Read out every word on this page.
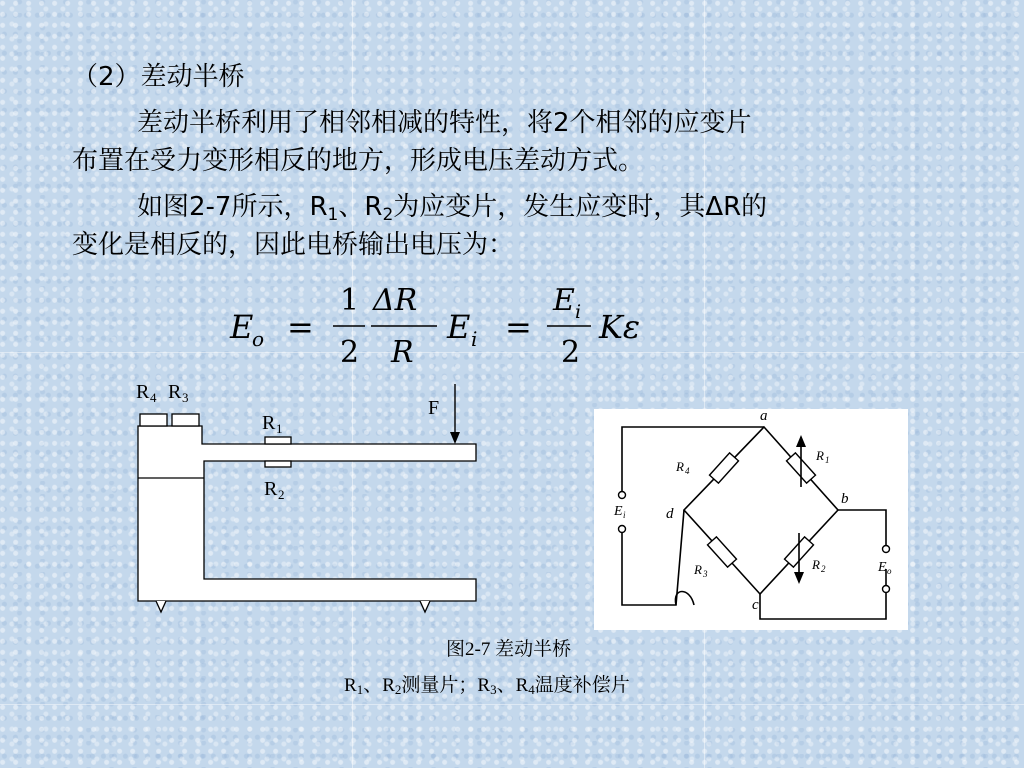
（2）差动半桥
差动半桥利用了相邻相减的特性，将2个相邻的应变片
布置在受力变形相反的地方，形成电压差动方式。
如图2-7所示，$R_1$、$R_2$为应变片，发生应变时，其ΔR的
变化是相反的，因此电桥输出电压为：
E
o =
1
2
ΔR
R
E i =
E i
2
Kε
R 4 R 3
R 1
R 2
F	a
b
c
d
R 1
R 2
R 3
R 4
E i
E o
图2-7 差动半桥
$R_1$、$R_2$测量片；$R_3$、$R_4$温度补偿片
